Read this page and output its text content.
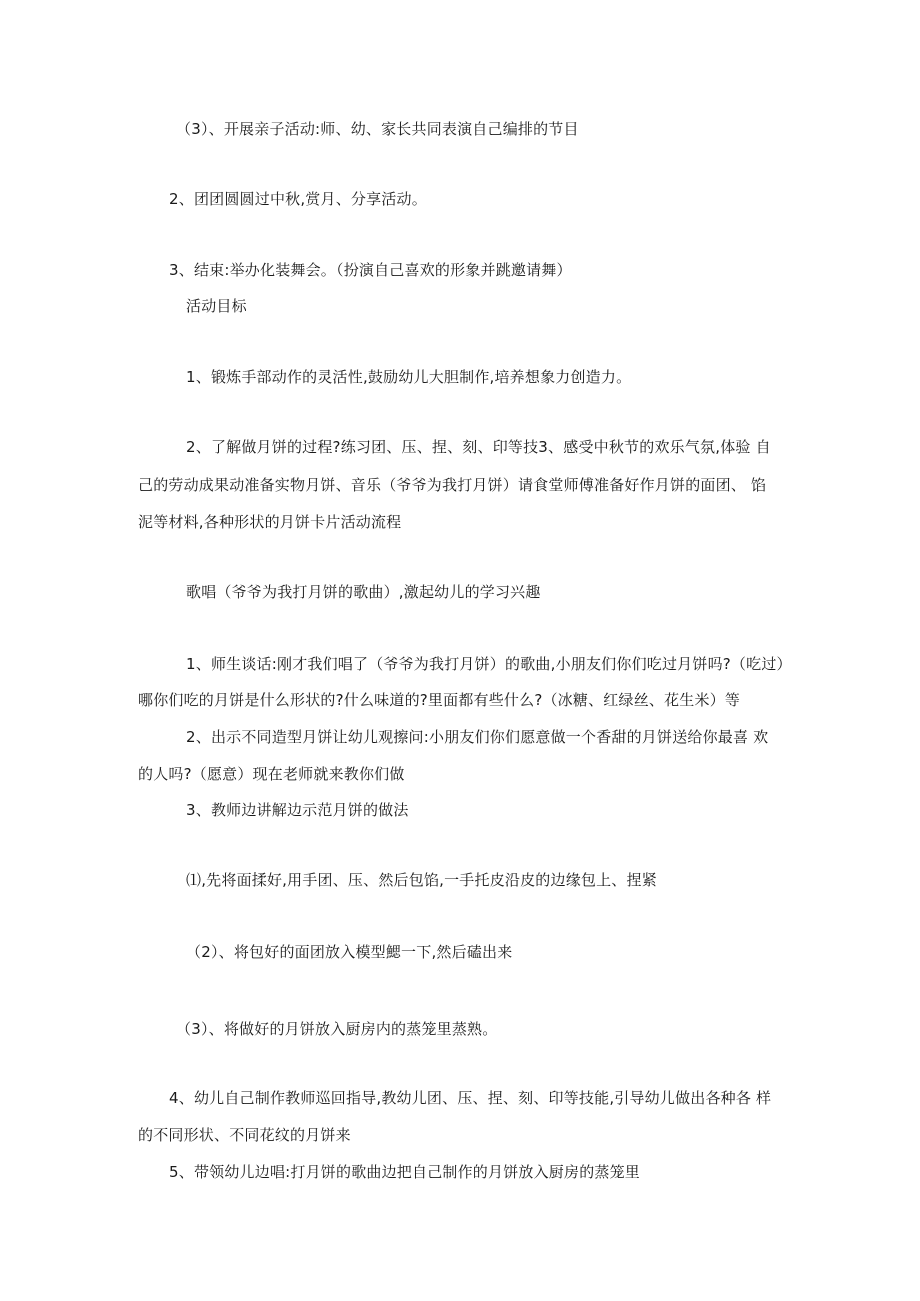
（3）、开展亲子活动:师、幼、家长共同表演自己编排的节目
2、团团圆圆过中秋,赏月、分享活动。
3、结束:举办化装舞会。（扮演自己喜欢的形象并跳邀请舞）
活动目标
1、锻炼手部动作的灵活性,鼓励幼儿大胆制作,培养想象力创造力。
2、了解做月饼的过程?练习团、压、捏、刻、印等技3、感受中秋节的欢乐气氛,体验 自
己的劳动成果动准备实物月饼、音乐（爷爷为我打月饼）请食堂师傅准备好作月饼的面团、 馅
泥等材料,各种形状的月饼卡片活动流程
歌唱（爷爷为我打月饼的歌曲）,激起幼儿的学习兴趣
1、师生谈话:刚才我们唱了（爷爷为我打月饼）的歌曲,小朋友们你们吃过月饼吗?（吃过）
哪你们吃的月饼是什么形状的?什么味道的?里面都有些什么?（冰糖、红绿丝、花生米）等
2、出示不同造型月饼让幼儿观擦问:小朋友们你们愿意做一个香甜的月饼送给你最喜 欢
的人吗?（愿意）现在老师就来教你们做
3、教师边讲解边示范月饼的做法
⑴,先将面揉好,用手团、压、然后包馅,一手托皮沿皮的边缘包上、捏紧
（2）、将包好的面团放入模型鰓一下,然后磕出来
（3）、将做好的月饼放入厨房内的蒸笼里蒸熟。
4、幼儿自己制作教师巡回指导,教幼儿团、压、捏、刻、印等技能,引导幼儿做出各种各 样
的不同形状、不同花纹的月饼来
5、带领幼儿边唱:打月饼的歌曲边把自己制作的月饼放入厨房的蒸笼里
